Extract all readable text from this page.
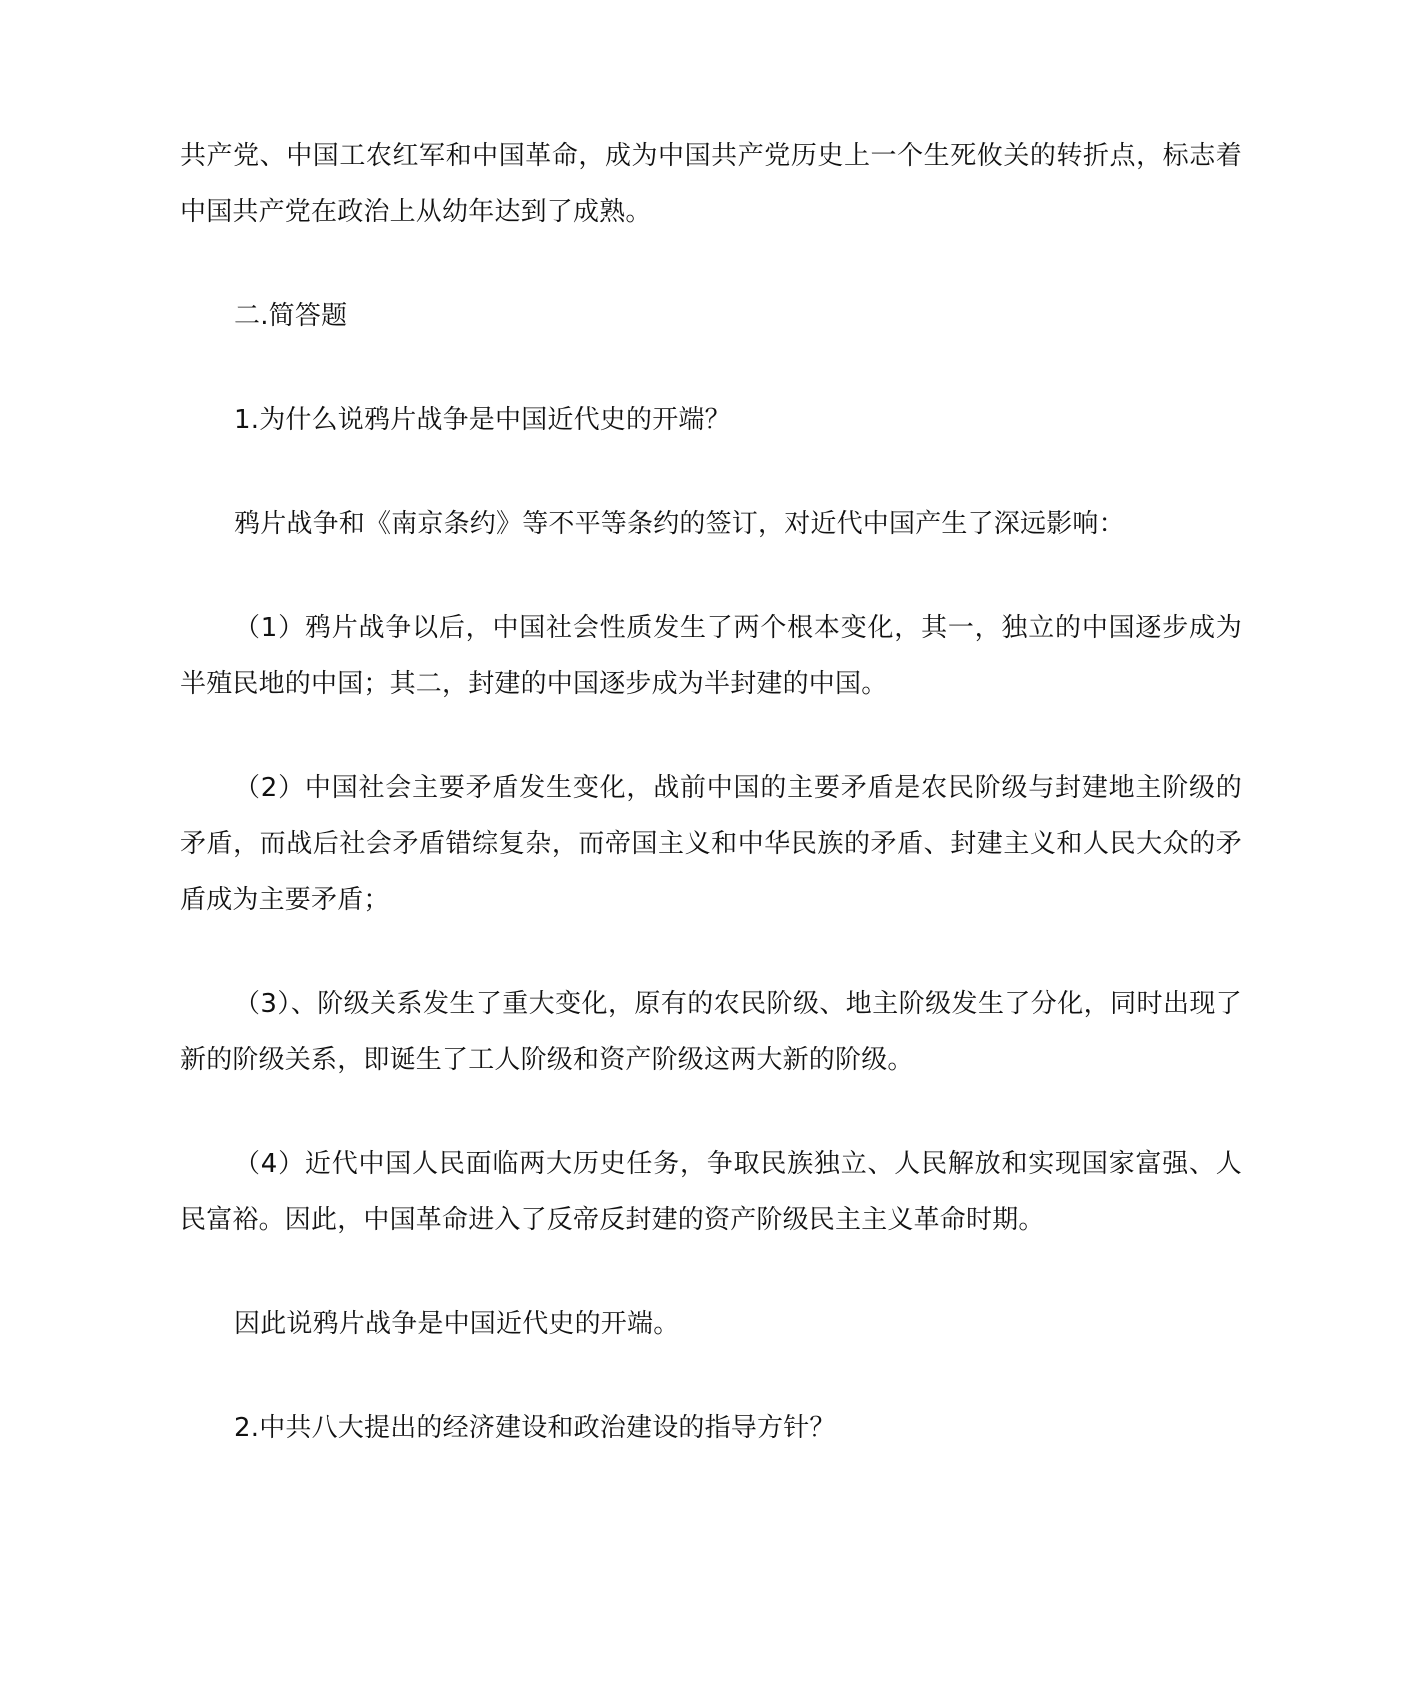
共产党、中国工农红军和中国革命，成为中国共产党历史上一个生死攸关的转折点，标志着中国共产党在政治上从幼年达到了成熟。

二.简答题

1.为什么说鸦片战争是中国近代史的开端？

鸦片战争和《南京条约》等不平等条约的签订，对近代中国产生了深远影响：

（1）鸦片战争以后，中国社会性质发生了两个根本变化，其一，独立的中国逐步成为半殖民地的中国；其二，封建的中国逐步成为半封建的中国。

（2）中国社会主要矛盾发生变化，战前中国的主要矛盾是农民阶级与封建地主阶级的矛盾，而战后社会矛盾错综复杂，而帝国主义和中华民族的矛盾、封建主义和人民大众的矛盾成为主要矛盾；

（3）、阶级关系发生了重大变化，原有的农民阶级、地主阶级发生了分化，同时出现了新的阶级关系，即诞生了工人阶级和资产阶级这两大新的阶级。

（4）近代中国人民面临两大历史任务，争取民族独立、人民解放和实现国家富强、人民富裕。因此，中国革命进入了反帝反封建的资产阶级民主主义革命时期。

因此说鸦片战争是中国近代史的开端。

2.中共八大提出的经济建设和政治建设的指导方针？
